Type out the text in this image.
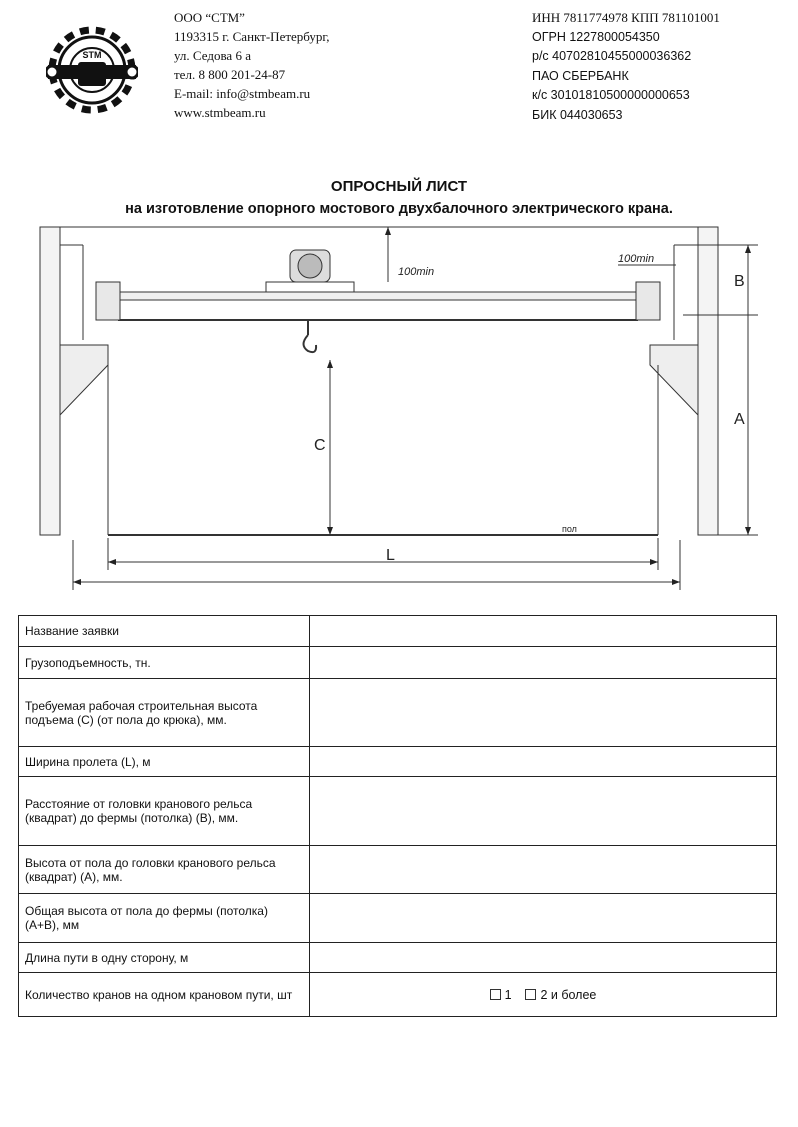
STM
ООО “СТМ”
1193315 г. Санкт-Петербург,
ул. Седова 6 а
тел. 8 800 201-24-87
E-mail: info@stmbeam.ru
www.stmbeam.ru
ИНН 7811774978 КПП 781101001
ОГРН 1227800054350
р/с 40702810455000036362
ПАО СБЕРБАНК
к/с 30101810500000000653
БИК 044030653
ОПРОСНЫЙ ЛИСТ
на изготовление опорного мостового двухбалочного электрического крана.
100min
100min
B
A
C
L
пол
Название заявки	
Грузоподъемность, тн.	
Требуемая рабочая строительная высота подъема (С) (от пола до крюка), мм.	
Ширина пролета (L), м	
Расстояние от головки кранового рельса (квадрат) до фермы (потолка) (В), мм.	
Высота от пола до головки кранового рельса (квадрат) (А), мм.	
Общая высота от пола до фермы (потолка) (А+В), мм	
Длина пути в одну сторону, м	
Количество кранов на одном крановом пути, шт	1 2 и более
